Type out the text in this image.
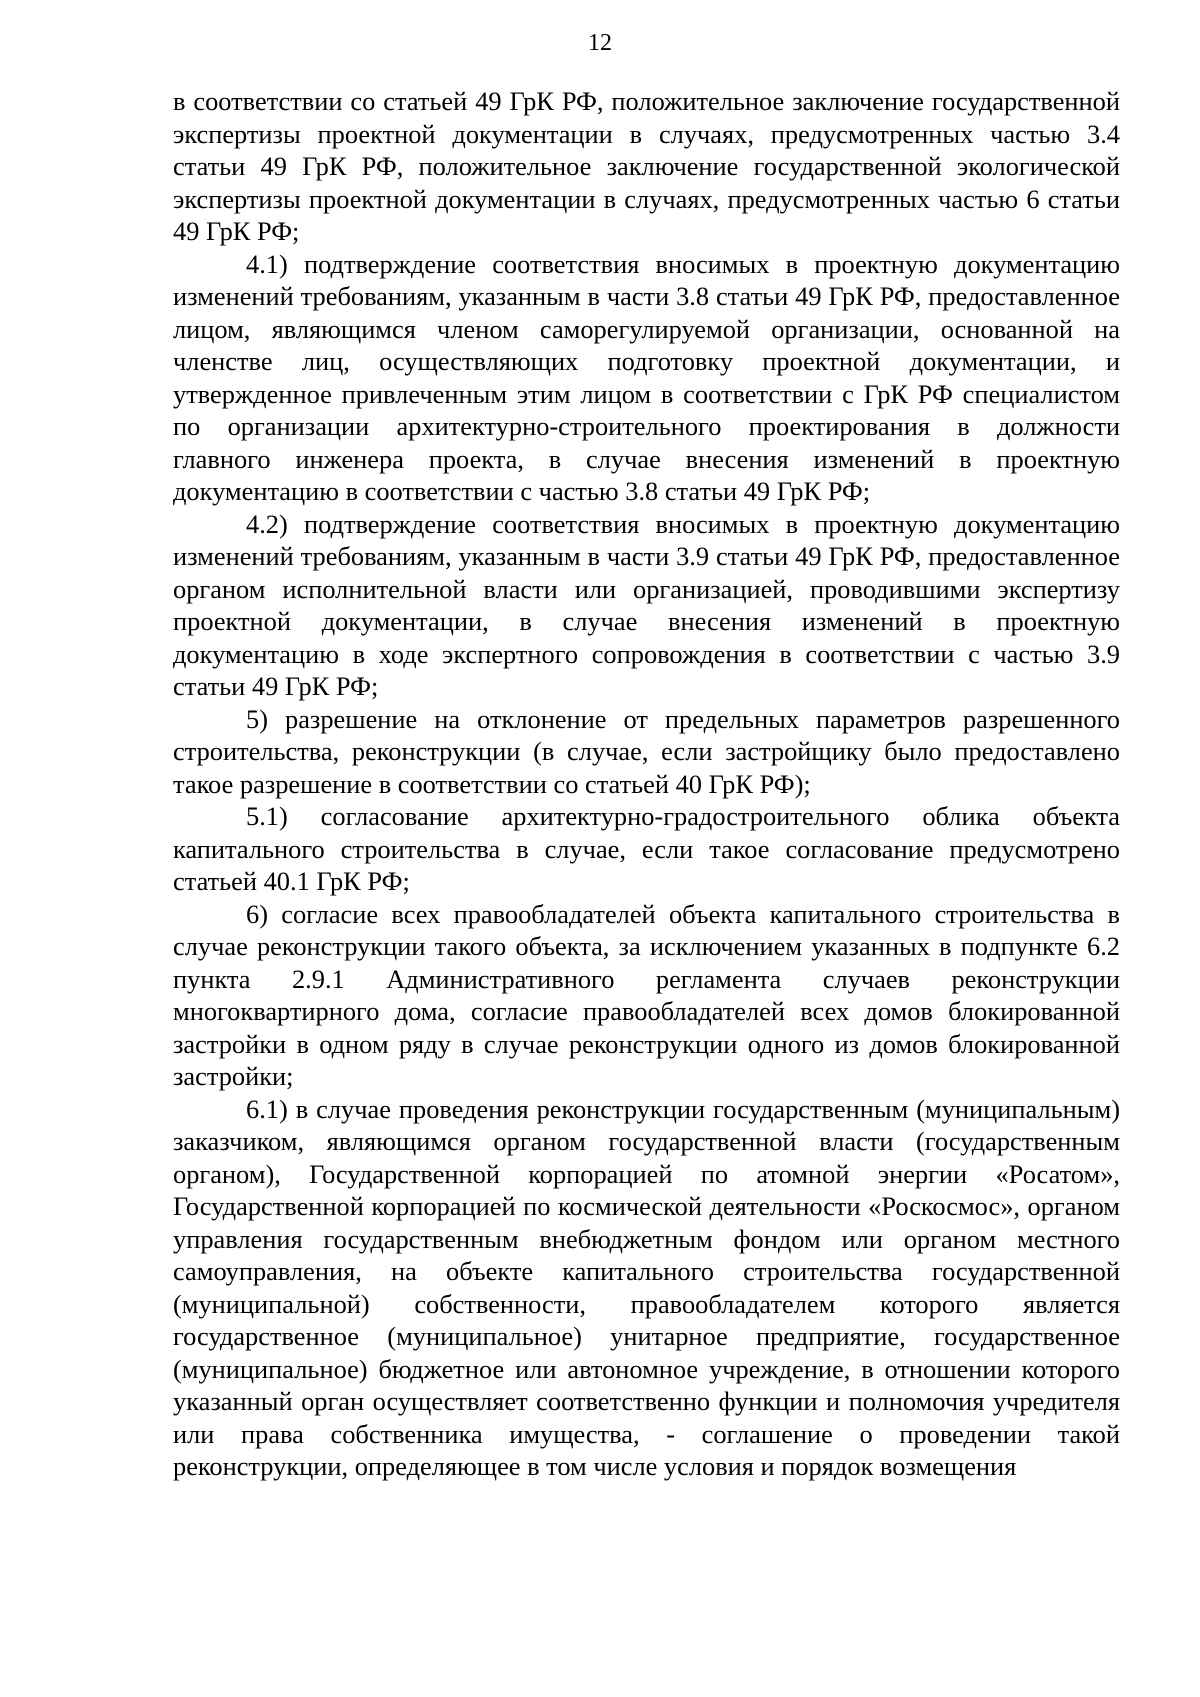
12

в соответствии со статьей 49 ГрК РФ, положительное заключение государственной экспертизы проектной документации в случаях, предусмотренных частью 3.4 статьи 49 ГрК РФ, положительное заключение государственной экологической экспертизы проектной документации в случаях, предусмотренных частью 6 статьи 49 ГрК РФ;

4.1) подтверждение соответствия вносимых в проектную документацию изменений требованиям, указанным в части 3.8 статьи 49 ГрК РФ, предоставленное лицом, являющимся членом саморегулируемой организации, основанной на членстве лиц, осуществляющих подготовку проектной документации, и утвержденное привлеченным этим лицом в соответствии с ГрК РФ специалистом по организации архитектурно-строительного проектирования в должности главного инженера проекта, в случае внесения изменений в проектную документацию в соответствии с частью 3.8 статьи 49 ГрК РФ;

4.2) подтверждение соответствия вносимых в проектную документацию изменений требованиям, указанным в части 3.9 статьи 49 ГрК РФ, предоставленное органом исполнительной власти или организацией, проводившими экспертизу проектной документации, в случае внесения изменений в проектную документацию в ходе экспертного сопровождения в соответствии с частью 3.9 статьи 49 ГрК РФ;

5) разрешение на отклонение от предельных параметров разрешенного строительства, реконструкции (в случае, если застройщику было предоставлено такое разрешение в соответствии со статьей 40 ГрК РФ);

5.1) согласование архитектурно-градостроительного облика объекта капитального строительства в случае, если такое согласование предусмотрено статьей 40.1 ГрК РФ;

6) согласие всех правообладателей объекта капитального строительства в случае реконструкции такого объекта, за исключением указанных в подпункте 6.2 пункта 2.9.1 Административного регламента случаев реконструкции многоквартирного дома, согласие правообладателей всех домов блокированной застройки в одном ряду в случае реконструкции одного из домов блокированной застройки;

6.1) в случае проведения реконструкции государственным (муниципальным) заказчиком, являющимся органом государственной власти (государственным органом), Государственной корпорацией по атомной энергии «Росатом», Государственной корпорацией по космической деятельности «Роскосмос», органом управления государственным внебюджетным фондом или органом местного самоуправления, на объекте капитального строительства государственной (муниципальной) собственности, правообладателем которого является государственное (муниципальное) унитарное предприятие, государственное (муниципальное) бюджетное или автономное учреждение, в отношении которого указанный орган осуществляет соответственно функции и полномочия учредителя или права собственника имущества, - соглашение о проведении такой реконструкции, определяющее в том числе условия и порядок возмещения
